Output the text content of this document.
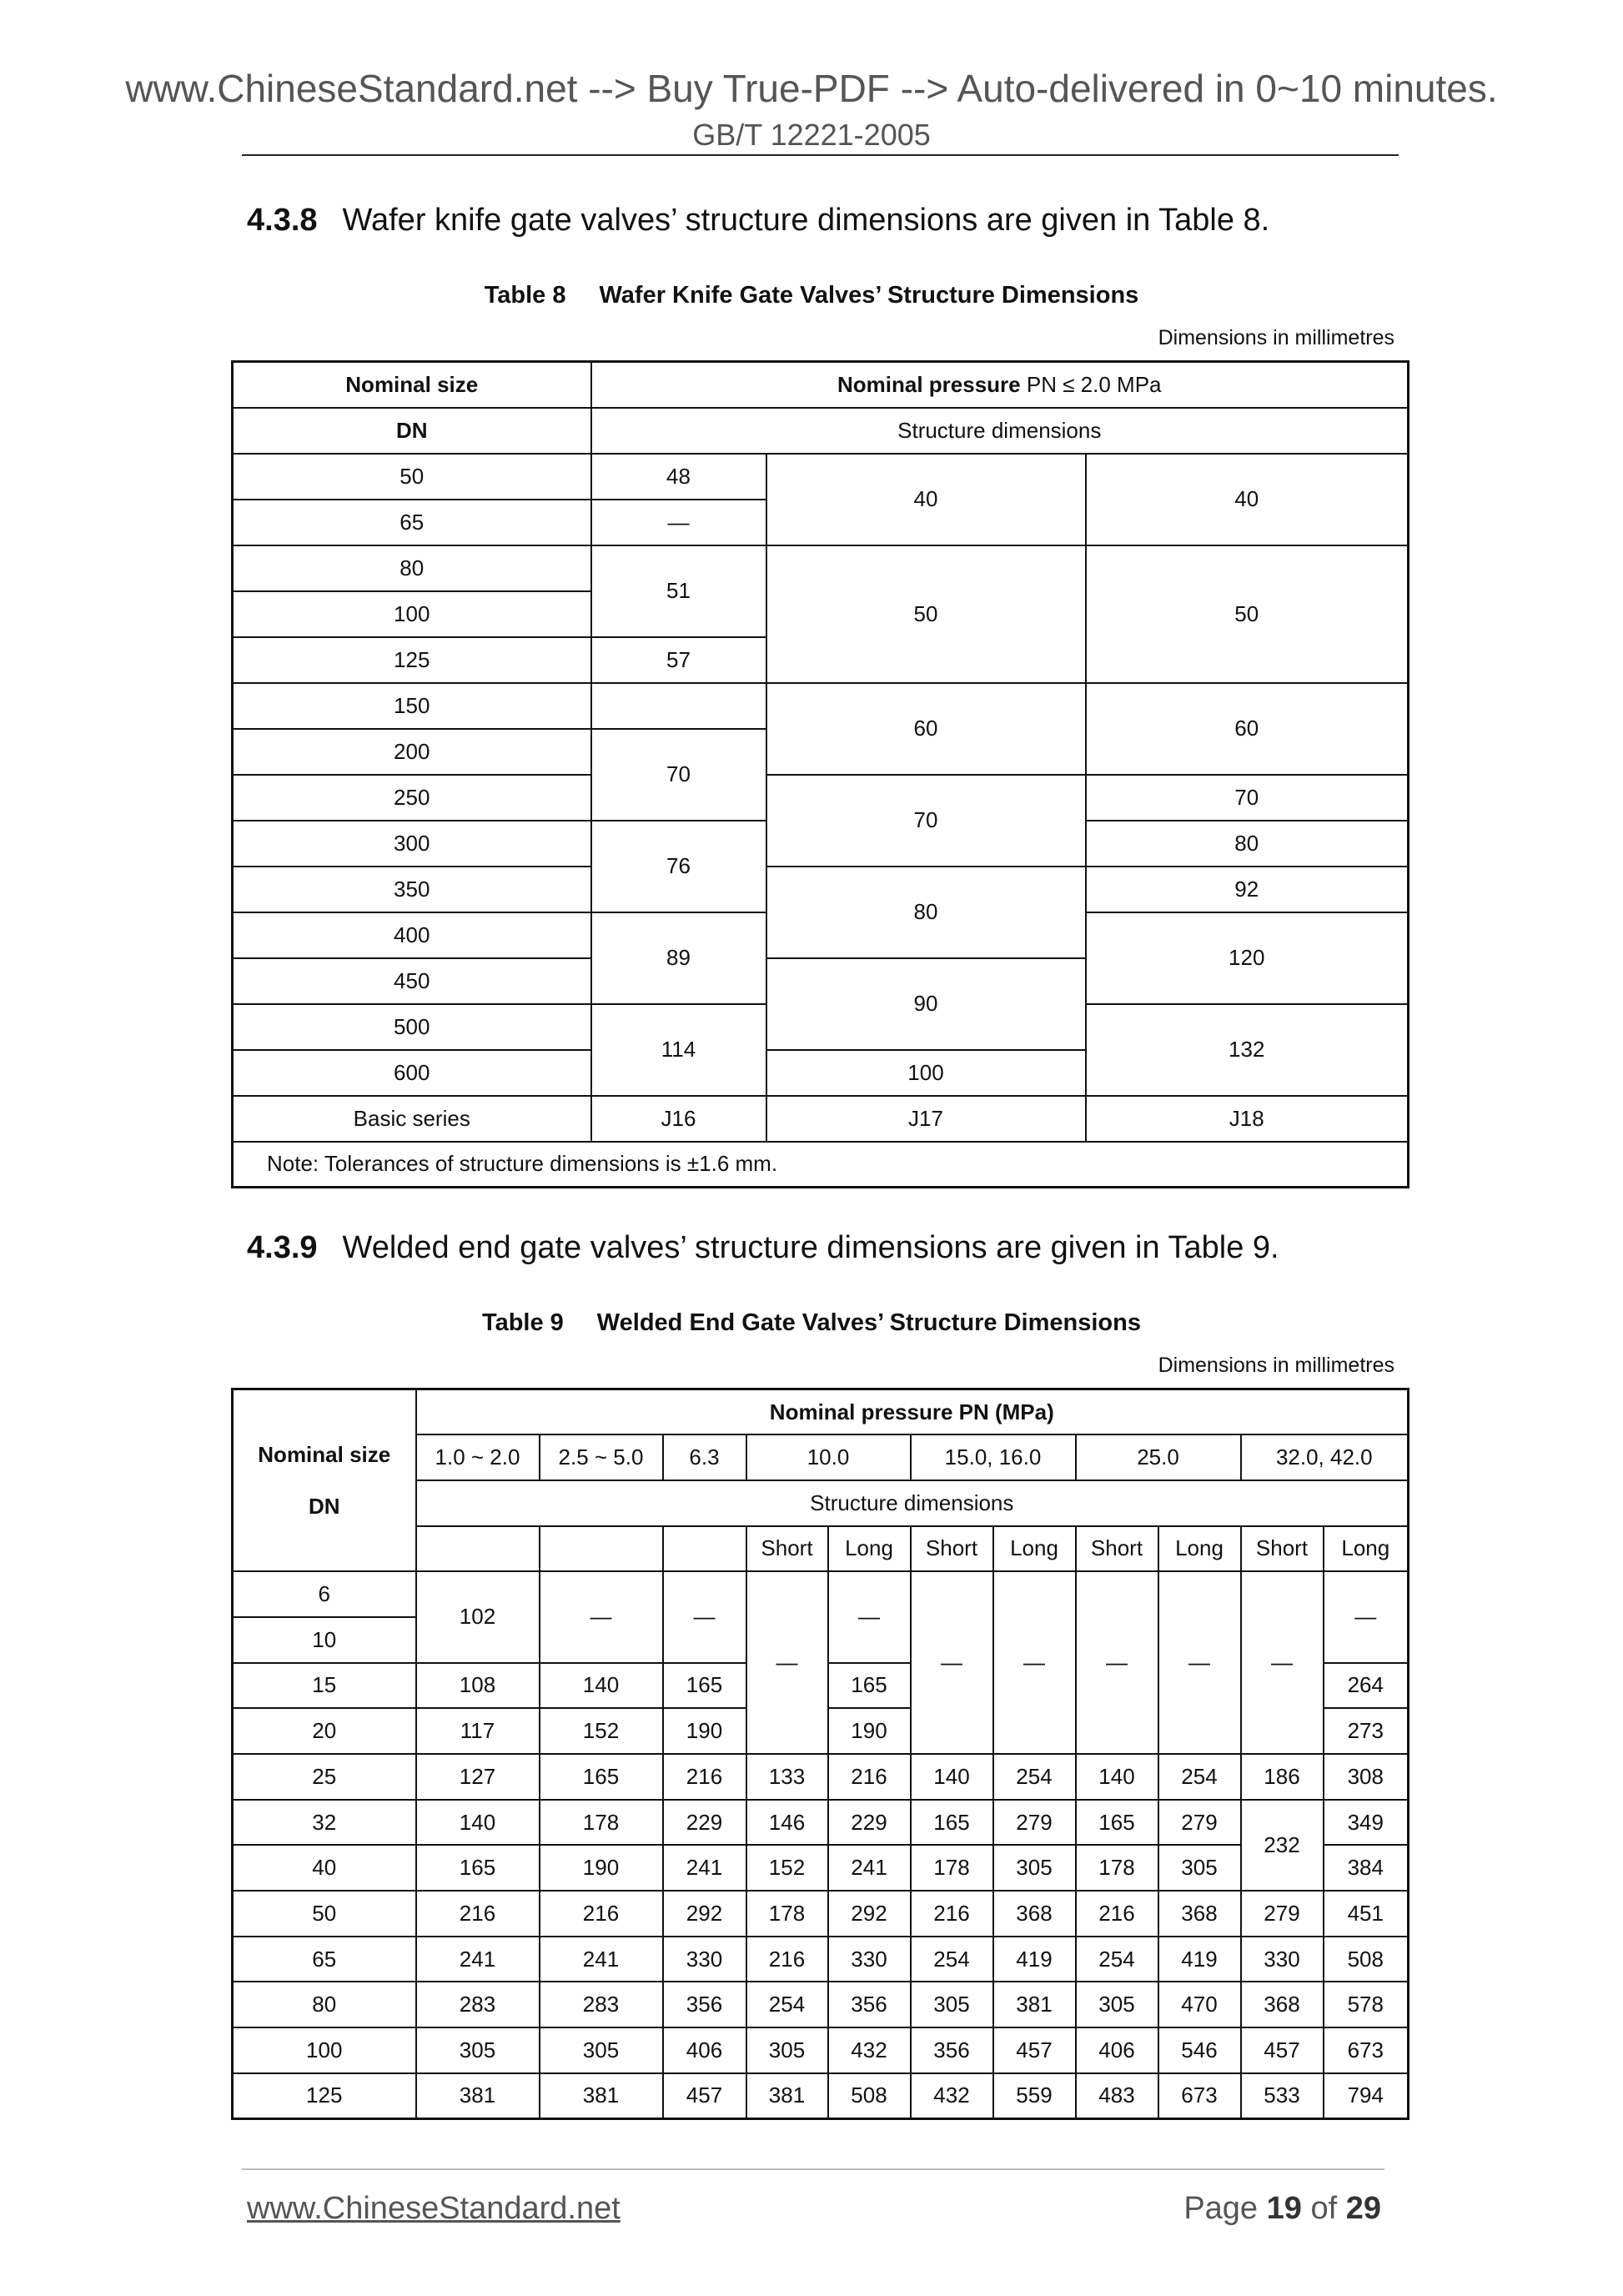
www.ChineseStandard.net --> Buy True-PDF --> Auto-delivered in 0~10 minutes.
GB/T 12221-2005
4.3.8 Wafer knife gate valves’ structure dimensions are given in Table 8.
Table 8 Wafer Knife Gate Valves’ Structure Dimensions
Dimensions in millimetres
Nominal size	Nominal pressure PN ≤ 2.0 MPa		
DN	Structure dimensions		
50	48	40	40
65	—		
80	51	50	50
100			
125	57		
150		60	60
200	70		
250		70	70
300	76		80
350		80	92
400	89		120
450		90	
500	114		132
600		100	
Basic series	J16	J17	J18
Note: Tolerances of structure dimensions is ±1.6 mm.			
4.3.9 Welded end gate valves’ structure dimensions are given in Table 9.
Table 9 Welded End Gate Valves’ Structure Dimensions
Dimensions in millimetres
Nominal size

DN	Nominal pressure PN (MPa)										
	1.0 ~ 2.0	2.5 ~ 5.0	6.3	10.0		15.0, 16.0		25.0		32.0, 42.0	
	Structure dimensions										
				Short	Long	Short	Long	Short	Long	Short	Long
6	102	—	—	—	—	—	—	—	—	—	—
10											
15	108	140	165		165						264
20	117	152	190		190						273
25	127	165	216	133	216	140	254	140	254	186	308
32	140	178	229	146	229	165	279	165	279	232	349
40	165	190	241	152	241	178	305	178	305		384
50	216	216	292	178	292	216	368	216	368	279	451
65	241	241	330	216	330	254	419	254	419	330	508
80	283	283	356	254	356	305	381	305	470	368	578
100	305	305	406	305	432	356	457	406	546	457	673
125	381	381	457	381	508	432	559	483	673	533	794
www.ChineseStandard.net	Page 19 of 29
